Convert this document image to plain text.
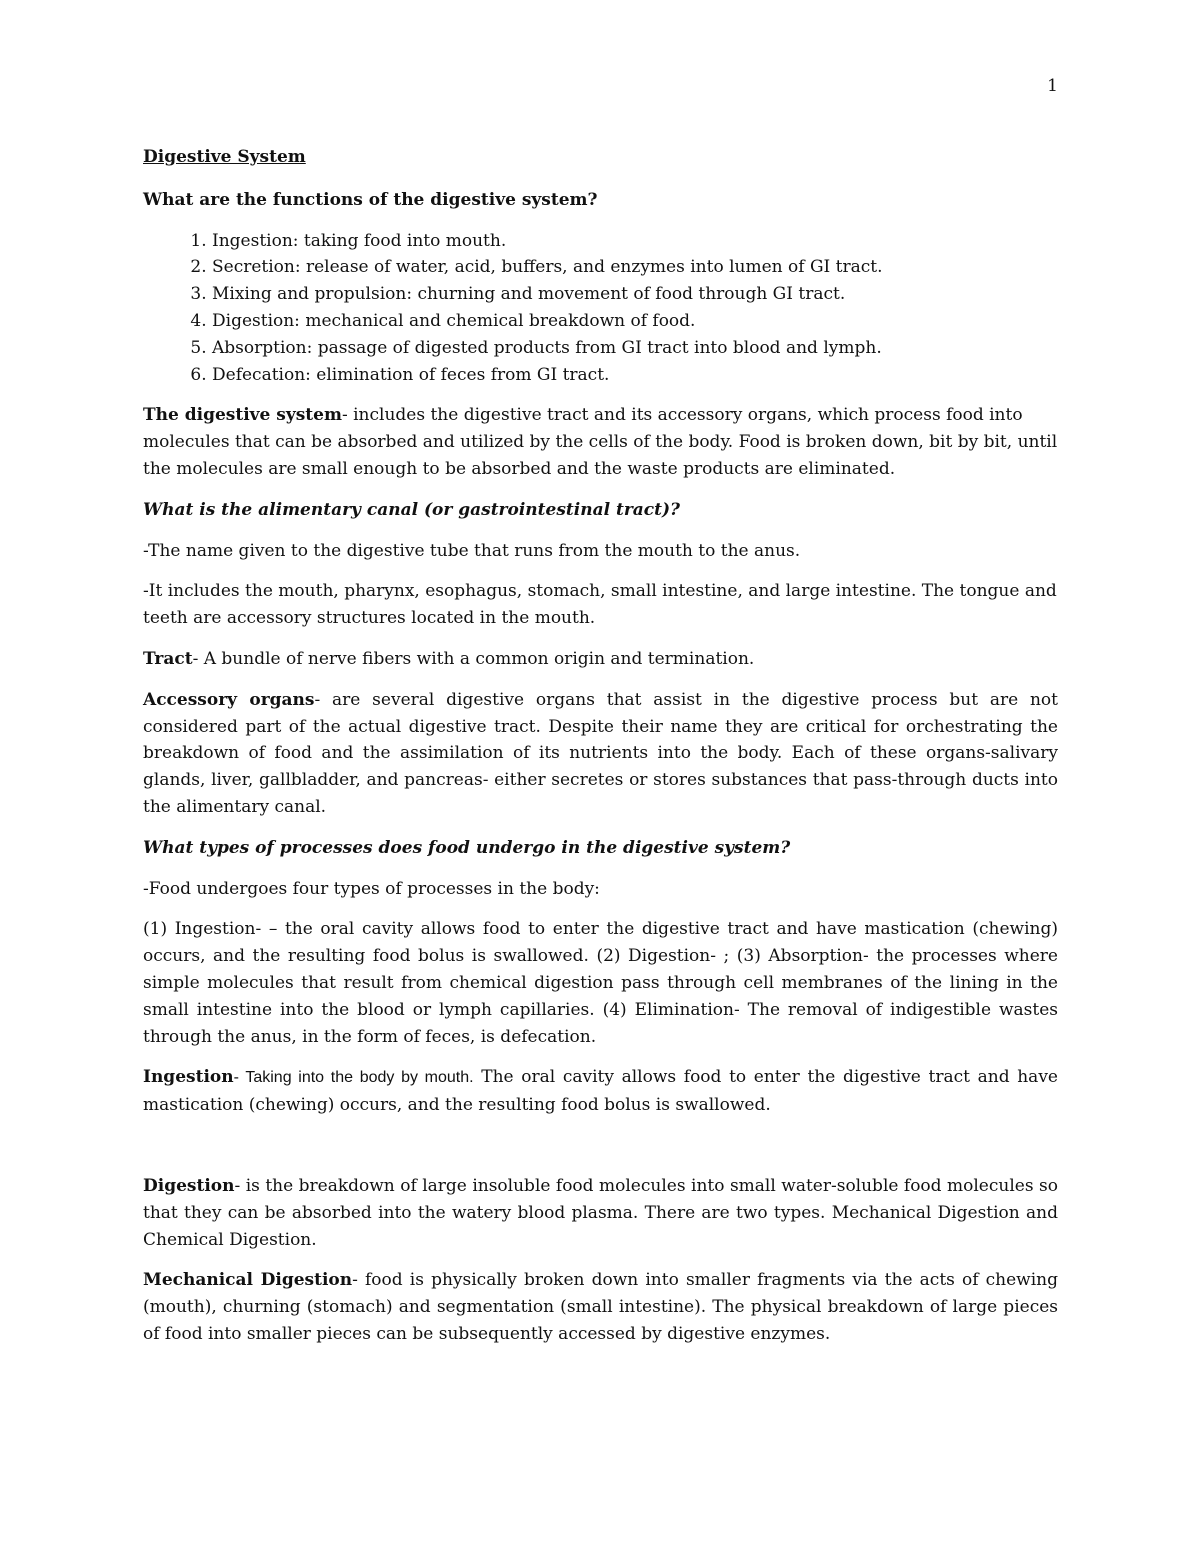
1
Digestive System
What are the functions of the digestive system?
1. Ingestion: taking food into mouth.
2. Secretion: release of water, acid, buffers, and enzymes into lumen of GI tract.
3. Mixing and propulsion: churning and movement of food through GI tract.
4. Digestion: mechanical and chemical breakdown of food.
5. Absorption: passage of digested products from GI tract into blood and lymph.
6. Defecation: elimination of feces from GI tract.

The digestive system- includes the digestive tract and its accessory organs, which process food into molecules that can be absorbed and utilized by the cells of the body. Food is broken down, bit by bit, until the molecules are small enough to be absorbed and the waste products are eliminated.

What is the alimentary canal (or gastrointestinal tract)?

-The name given to the digestive tube that runs from the mouth to the anus.

-It includes the mouth, pharynx, esophagus, stomach, small intestine, and large intestine. The tongue and teeth are accessory structures located in the mouth.

Tract- A bundle of nerve fibers with a common origin and termination.

Accessory organs- are several digestive organs that assist in the digestive process but are not considered part of the actual digestive tract. Despite their name they are critical for orchestrating the breakdown of food and the assimilation of its nutrients into the body. Each of these organs-salivary glands, liver, gallbladder, and pancreas- either secretes or stores substances that pass-through ducts into the alimentary canal.

What types of processes does food undergo in the digestive system?

-Food undergoes four types of processes in the body:

(1) Ingestion- – the oral cavity allows food to enter the digestive tract and have mastication (chewing) occurs, and the resulting food bolus is swallowed. (2) Digestion- ; (3) Absorption- the processes where simple molecules that result from chemical digestion pass through cell membranes of the lining in the small intestine into the blood or lymph capillaries. (4) Elimination- The removal of indigestible wastes through the anus, in the form of feces, is defecation.

Ingestion- Taking into the body by mouth. The oral cavity allows food to enter the digestive tract and have mastication (chewing) occurs, and the resulting food bolus is swallowed.

Digestion- is the breakdown of large insoluble food molecules into small water-soluble food molecules so that they can be absorbed into the watery blood plasma. There are two types. Mechanical Digestion and Chemical Digestion.

Mechanical Digestion- food is physically broken down into smaller fragments via the acts of chewing (mouth), churning (stomach) and segmentation (small intestine). The physical breakdown of large pieces of food into smaller pieces can be subsequently accessed by digestive enzymes.
